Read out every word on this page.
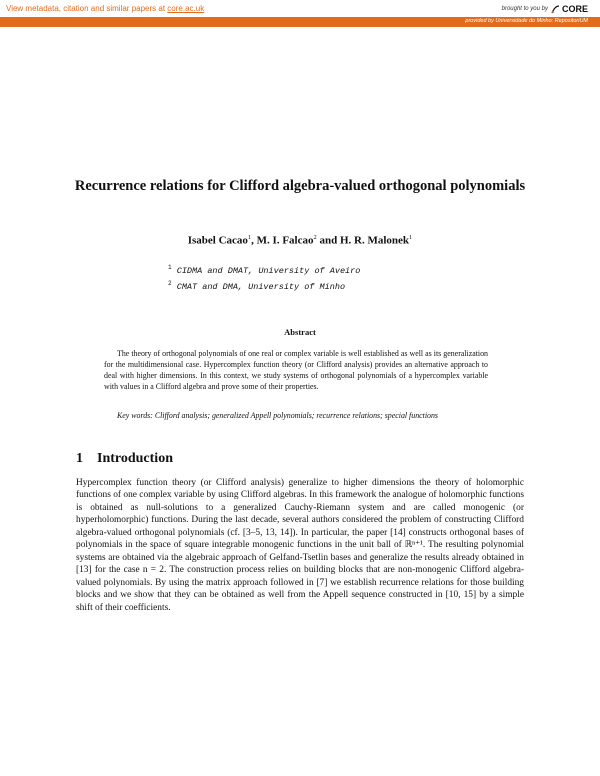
View metadata, citation and similar papers at core.ac.uk	brought to you by CORE
provided by Universidade do Minho: RepositoriUM
Recurrence relations for Clifford algebra-valued orthogonal polynomials
Isabel Cacao$^1$, M. I. Falcao$^2$ and H. R. Malonek$^1$
$^1$ CIDMA and DMAT, University of Aveiro
$^2$ CMAT and DMA, University of Minho
Abstract
The theory of orthogonal polynomials of one real or complex variable is well established as well as its generalization for the multidimensional case. Hypercomplex function theory (or Clifford analysis) provides an alternative approach to deal with higher dimensions. In this context, we study systems of orthogonal polynomials of a hypercomplex variable with values in a Clifford algebra and prove some of their properties.
Key words: Clifford analysis; generalized Appell polynomials; recurrence relations; special functions
1 Introduction
Hypercomplex function theory (or Clifford analysis) generalize to higher dimensions the theory of holomorphic functions of one complex variable by using Clifford algebras. In this framework the analogue of holomorphic functions is obtained as null-solutions to a generalized Cauchy-Riemann system and are called monogenic (or hyperholomorphic) functions. During the last decade, several authors considered the problem of constructing Clifford algebra-valued orthogonal polynomials (cf. [3–5, 13, 14]). In particular, the paper [14] constructs orthogonal bases of polynomials in the space of square integrable monogenic functions in the unit ball of ℝⁿ⁺¹. The resulting polynomial systems are obtained via the algebraic approach of Gelfand-Tsetlin bases and generalize the results already obtained in [13] for the case n = 2. The construction process relies on building blocks that are non-monogenic Clifford algebra-valued polynomials. By using the matrix approach followed in [7] we establish recurrence relations for those building blocks and we show that they can be obtained as well from the Appell sequence constructed in [10, 15] by a simple shift of their coefficients.
